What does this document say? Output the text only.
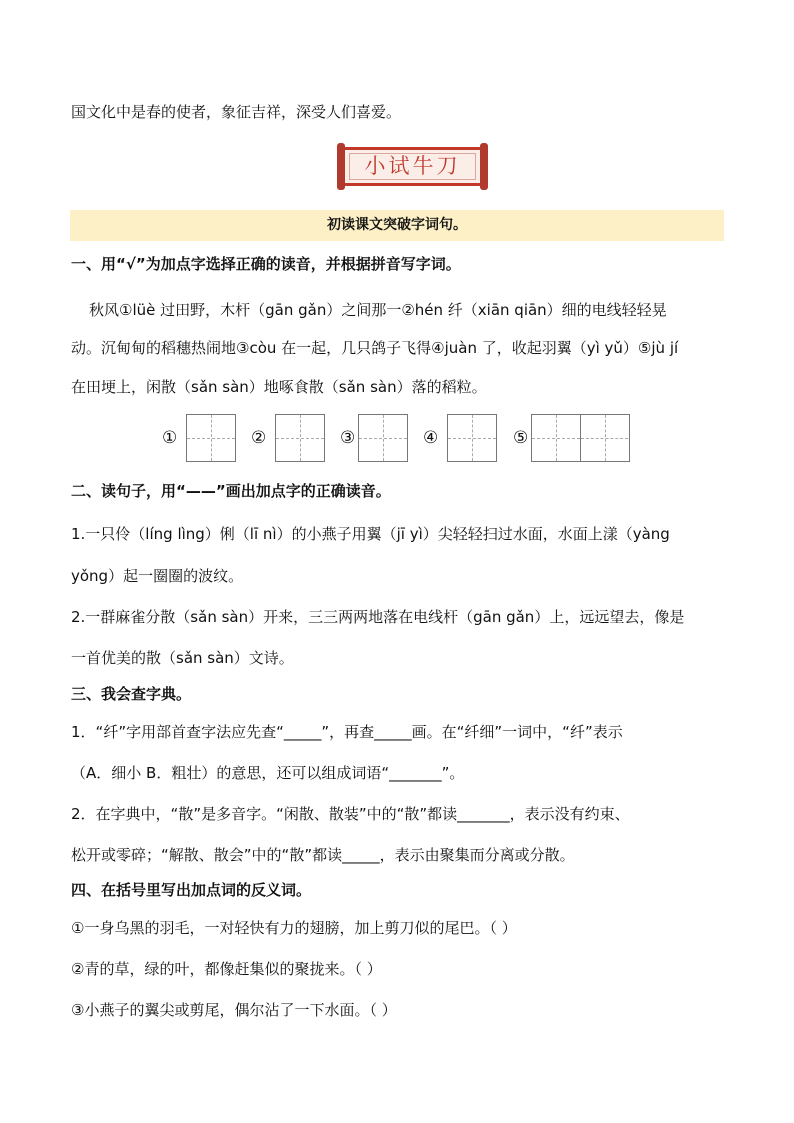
国文化中是春的使者，象征吉祥，深受人们喜爱。
小试牛刀
初读课文突破字词句。
一、用“√”为加点字选择正确的读音，并根据拼音写字词。
秋风①lüè 过田野，木杆（gān gǎn）之间那一②hén 纤（xiān qiān）细的电线轻轻晃
动。沉甸甸的稻穗热闹地③còu 在一起，几只鸽子飞得④juàn 了，收起羽翼（yì yǔ）⑤jù jí
在田埂上，闲散（sǎn sàn）地啄食散（sǎn sàn）落的稻粒。
①	②	③	④	⑤
二、读句子，用“——”画出加点字的正确读音。
1.一只伶（líng lìng）俐（lī nì）的小燕子用翼（jī yì）尖轻轻扫过水面，水面上漾（yàng
yǒng）起一圈圈的波纹。
2.一群麻雀分散（sǎn sàn）开来，三三两两地落在电线杆（gān gǎn）上，远远望去，像是
一首优美的散（sǎn sàn）文诗。
三、我会查字典。
1．“纤”字用部首查字法应先查“_____”，再查_____画。在“纤细”一词中，“纤”表示
（A．细小 B．粗壮）的意思，还可以组成词语“_______”。
2．在字典中，“散”是多音字。“闲散、散装”中的“散”都读_______，表示没有约束、
松开或零碎；“解散、散会”中的“散”都读_____，表示由聚集而分离或分散。
四、在括号里写出加点词的反义词。
①一身乌黑的羽毛，一对轻快有力的翅膀，加上剪刀似的尾巴。（ ）
②青的草，绿的叶，都像赶集似的聚拢来。（ ）
③小燕子的翼尖或剪尾，偶尔沾了一下水面。（ ）
